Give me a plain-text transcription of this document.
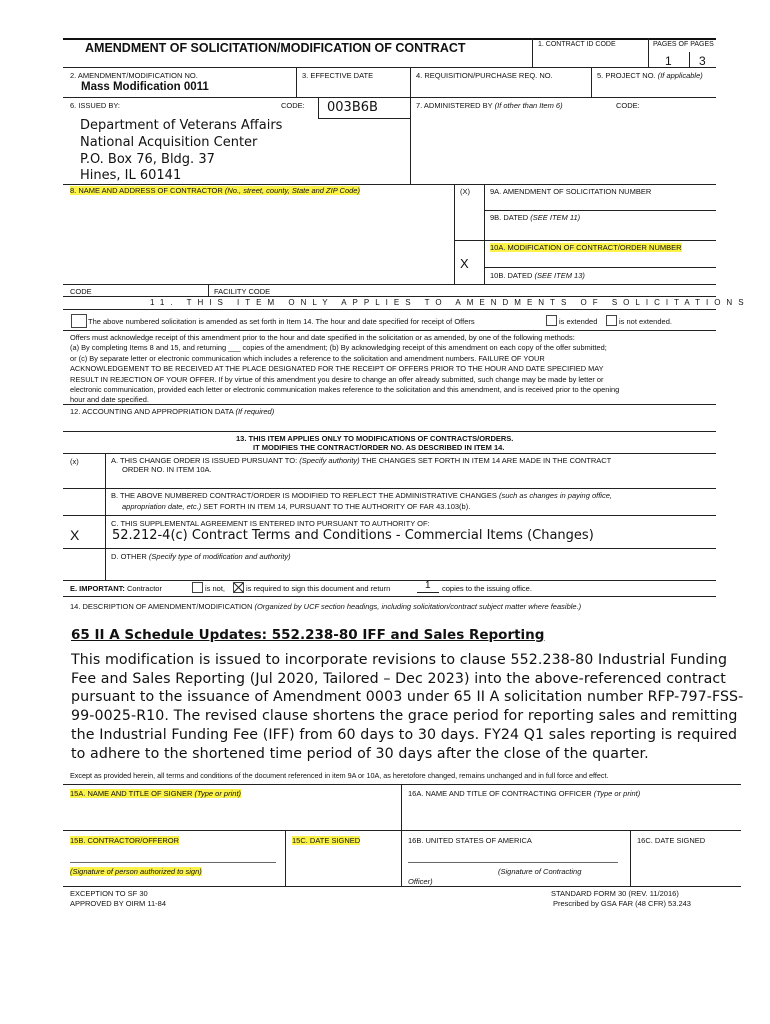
AMENDMENT OF SOLICITATION/MODIFICATION OF CONTRACT	1. CONTRACT ID CODE	PAGES OF PAGES
1 3
2. AMENDMENT/MODIFICATION NO.
Mass Modification 0011
3. EFFECTIVE DATE	4. REQUISITION/PURCHASE REQ. NO.	5. PROJECT NO. (If applicable)
6. ISSUED BY:	CODE: 003B6B	7. ADMINISTERED BY (If other than Item 6)	CODE:
Department of Veterans Affairs
National Acquisition Center
P.O. Box 76, Bldg. 37
Hines, IL 60141
8. NAME AND ADDRESS OF CONTRACTOR (No., street, county, State and ZIP Code)	(X)	9A. AMENDMENT OF SOLICITATION NUMBER
9B. DATED (SEE ITEM 11)
10A. MODIFICATION OF CONTRACT/ORDER NUMBER
X
10B. DATED (SEE ITEM 13)
CODE	FACILITY CODE
11. THIS ITEM ONLY APPLIES TO AMENDMENTS OF SOLICITATIONS
The above numbered solicitation is amended as set forth in Item 14. The hour and date specified for receipt of Offers	is extended	is not extended.
Offers must acknowledge receipt of this amendment prior to the hour and date specified in the solicitation or as amended, by one of the following methods:
(a) By completing Items 8 and 15, and returning ___ copies of the amendment; (b) By acknowledging receipt of this amendment on each copy of the offer submitted;
or (c) By separate letter or electronic communication which includes a reference to the solicitation and amendment numbers. FAILURE OF YOUR
ACKNOWLEDGEMENT TO BE RECEIVED AT THE PLACE DESIGNATED FOR THE RECEIPT OF OFFERS PRIOR TO THE HOUR AND DATE SPECIFIED MAY
RESULT IN REJECTION OF YOUR OFFER. If by virtue of this amendment you desire to change an offer already submitted, such change may be made by letter or
electronic communication, provided each letter or electronic communication makes reference to the solicitation and this amendment, and is received prior to the opening
hour and date specified.
12. ACCOUNTING AND APPROPRIATION DATA (If required)
13. THIS ITEM APPLIES ONLY TO MODIFICATIONS OF CONTRACTS/ORDERS.
IT MODIFIES THE CONTRACT/ORDER NO. AS DESCRIBED IN ITEM 14.
(x)	A. THIS CHANGE ORDER IS ISSUED PURSUANT TO: (Specify authority) THE CHANGES SET FORTH IN ITEM 14 ARE MADE IN THE CONTRACT
ORDER NO. IN ITEM 10A.
B. THE ABOVE NUMBERED CONTRACT/ORDER IS MODIFIED TO REFLECT THE ADMINISTRATIVE CHANGES (such as changes in paying office,
appropriation date, etc.) SET FORTH IN ITEM 14, PURSUANT TO THE AUTHORITY OF FAR 43.103(b).
C. THIS SUPPLEMENTAL AGREEMENT IS ENTERED INTO PURSUANT TO AUTHORITY OF:
X	52.212-4(c) Contract Terms and Conditions - Commercial Items (Changes)
D. OTHER (Specify type of modification and authority)
E. IMPORTANT: Contractor	is not,	is required to sign this document and return	1 copies to the issuing office.
14. DESCRIPTION OF AMENDMENT/MODIFICATION (Organized by UCF section headings, including solicitation/contract subject matter where feasible.)
65 II A Schedule Updates: 552.238-80 IFF and Sales Reporting
This modification is issued to incorporate revisions to clause 552.238-80 Industrial Funding
Fee and Sales Reporting (Jul 2020, Tailored – Dec 2023) into the above-referenced contract
pursuant to the issuance of Amendment 0003 under 65 II A solicitation number RFP-797-FSS-
99-0025-R10. The revised clause shortens the grace period for reporting sales and remitting
the Industrial Funding Fee (IFF) from 60 days to 30 days. FY24 Q1 sales reporting is required
to adhere to the shortened time period of 30 days after the close of the quarter.
Except as provided herein, all terms and conditions of the document referenced in item 9A or 10A, as heretofore changed, remains unchanged and in full force and effect.
15A. NAME AND TITLE OF SIGNER (Type or print)	16A. NAME AND TITLE OF CONTRACTING OFFICER (Type or print)
15B. CONTRACTOR/OFFEROR	15C. DATE SIGNED	16B. UNITED STATES OF AMERICA	16C. DATE SIGNED
(Signature of person authorized to sign)	(Signature of Contracting
Officer)
EXCEPTION TO SF 30
APPROVED BY OIRM 11-84
STANDARD FORM 30 (REV. 11/2016)
Prescribed by GSA FAR (48 CFR) 53.243
